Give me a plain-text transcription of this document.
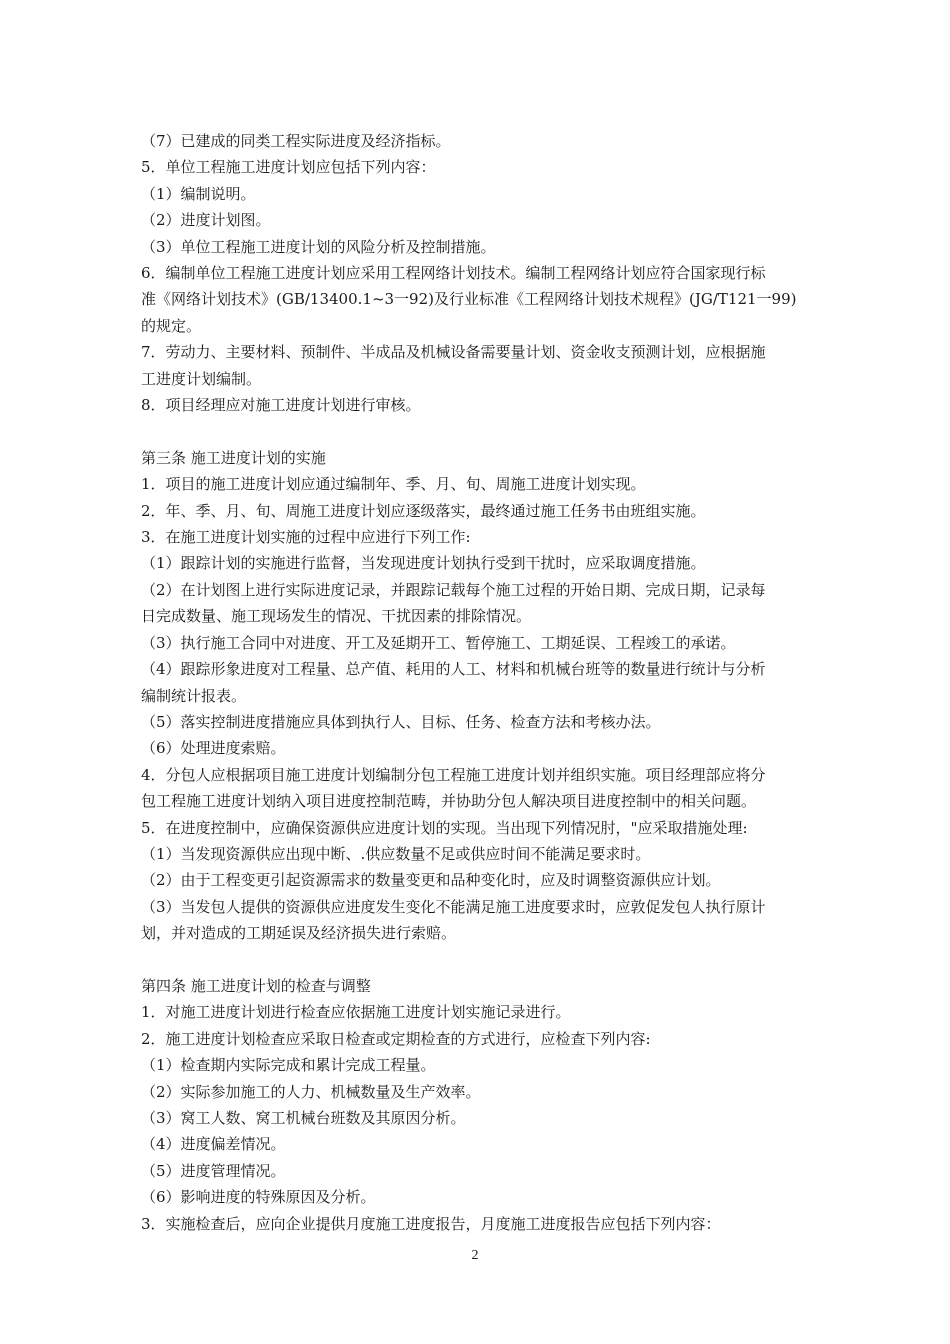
（7）已建成的同类工程实际进度及经济指标。
5．单位工程施工进度计划应包括下列内容：
（1）编制说明。
（2）进度计划图。
（3）单位工程施工进度计划的风险分析及控制措施。
6．编制单位工程施工进度计划应采用工程网络计划技术。编制工程网络计划应符合国家现行标
准《网络计划技术》(GB/13400.1~3一92)及行业标准《工程网络计划技术规程》(JG/T121一99)
的规定。
7．劳动力、主要材料、预制件、半成品及机械设备需要量计划、资金收支预测计划，应根据施
工进度计划编制。
8．项目经理应对施工进度计划进行审核。
第三条 施工进度计划的实施
1．项目的施工进度计划应通过编制年、季、月、旬、周施工进度计划实现。
2．年、季、月、旬、周施工进度计划应逐级落实，最终通过施工任务书由班组实施。
3．在施工进度计划实施的过程中应进行下列工作:
（1）跟踪计划的实施进行监督，当发现进度计划执行受到干扰时，应采取调度措施。
（2）在计划图上进行实际进度记录，并跟踪记载每个施工过程的开始日期、完成日期，记录每
日完成数量、施工现场发生的情况、干扰因素的排除情况。
（3）执行施工合同中对进度、开工及延期开工、暂停施工、工期延误、工程竣工的承诺。
（4）跟踪形象进度对工程量、总产值、耗用的人工、材料和机械台班等的数量进行统计与分析
编制统计报表。
（5）落实控制进度措施应具体到执行人、目标、任务、检查方法和考核办法。
（6）处理进度索赔。
4．分包人应根据项目施工进度计划编制分包工程施工进度计划并组织实施。项目经理部应将分
包工程施工进度计划纳入项目进度控制范畴，并协助分包人解决项目进度控制中的相关问题。
5．在进度控制中，应确保资源供应进度计划的实现。当出现下列情况肘，"应采取措施处理:
（1）当发现资源供应出现中断、.供应数量不足或供应时间不能满足要求时。
（2）由于工程变更引起资源需求的数量变更和品种变化时，应及时调整资源供应计划。
（3）当发包人提供的资源供应进度发生变化不能满足施工进度要求时，应敦促发包人执行原计
划，并对造成的工期延误及经济损失进行索赔。
第四条 施工进度计划的检查与调整
1．对施工进度计划进行检查应依据施工进度计划实施记录进行。
2．施工进度计划检查应采取日检查或定期检查的方式进行，应检查下列内容:
（1）检查期内实际完成和累计完成工程量。
（2）实际参加施工的人力、机械数量及生产效率。
（3）窝工人数、窝工机械台班数及其原因分析。
（4）进度偏差情况。
（5）进度管理情况。
（6）影响进度的特殊原因及分析。
3．实施检查后，应向企业提供月度施工进度报告，月度施工进度报告应包括下列内容：
2
